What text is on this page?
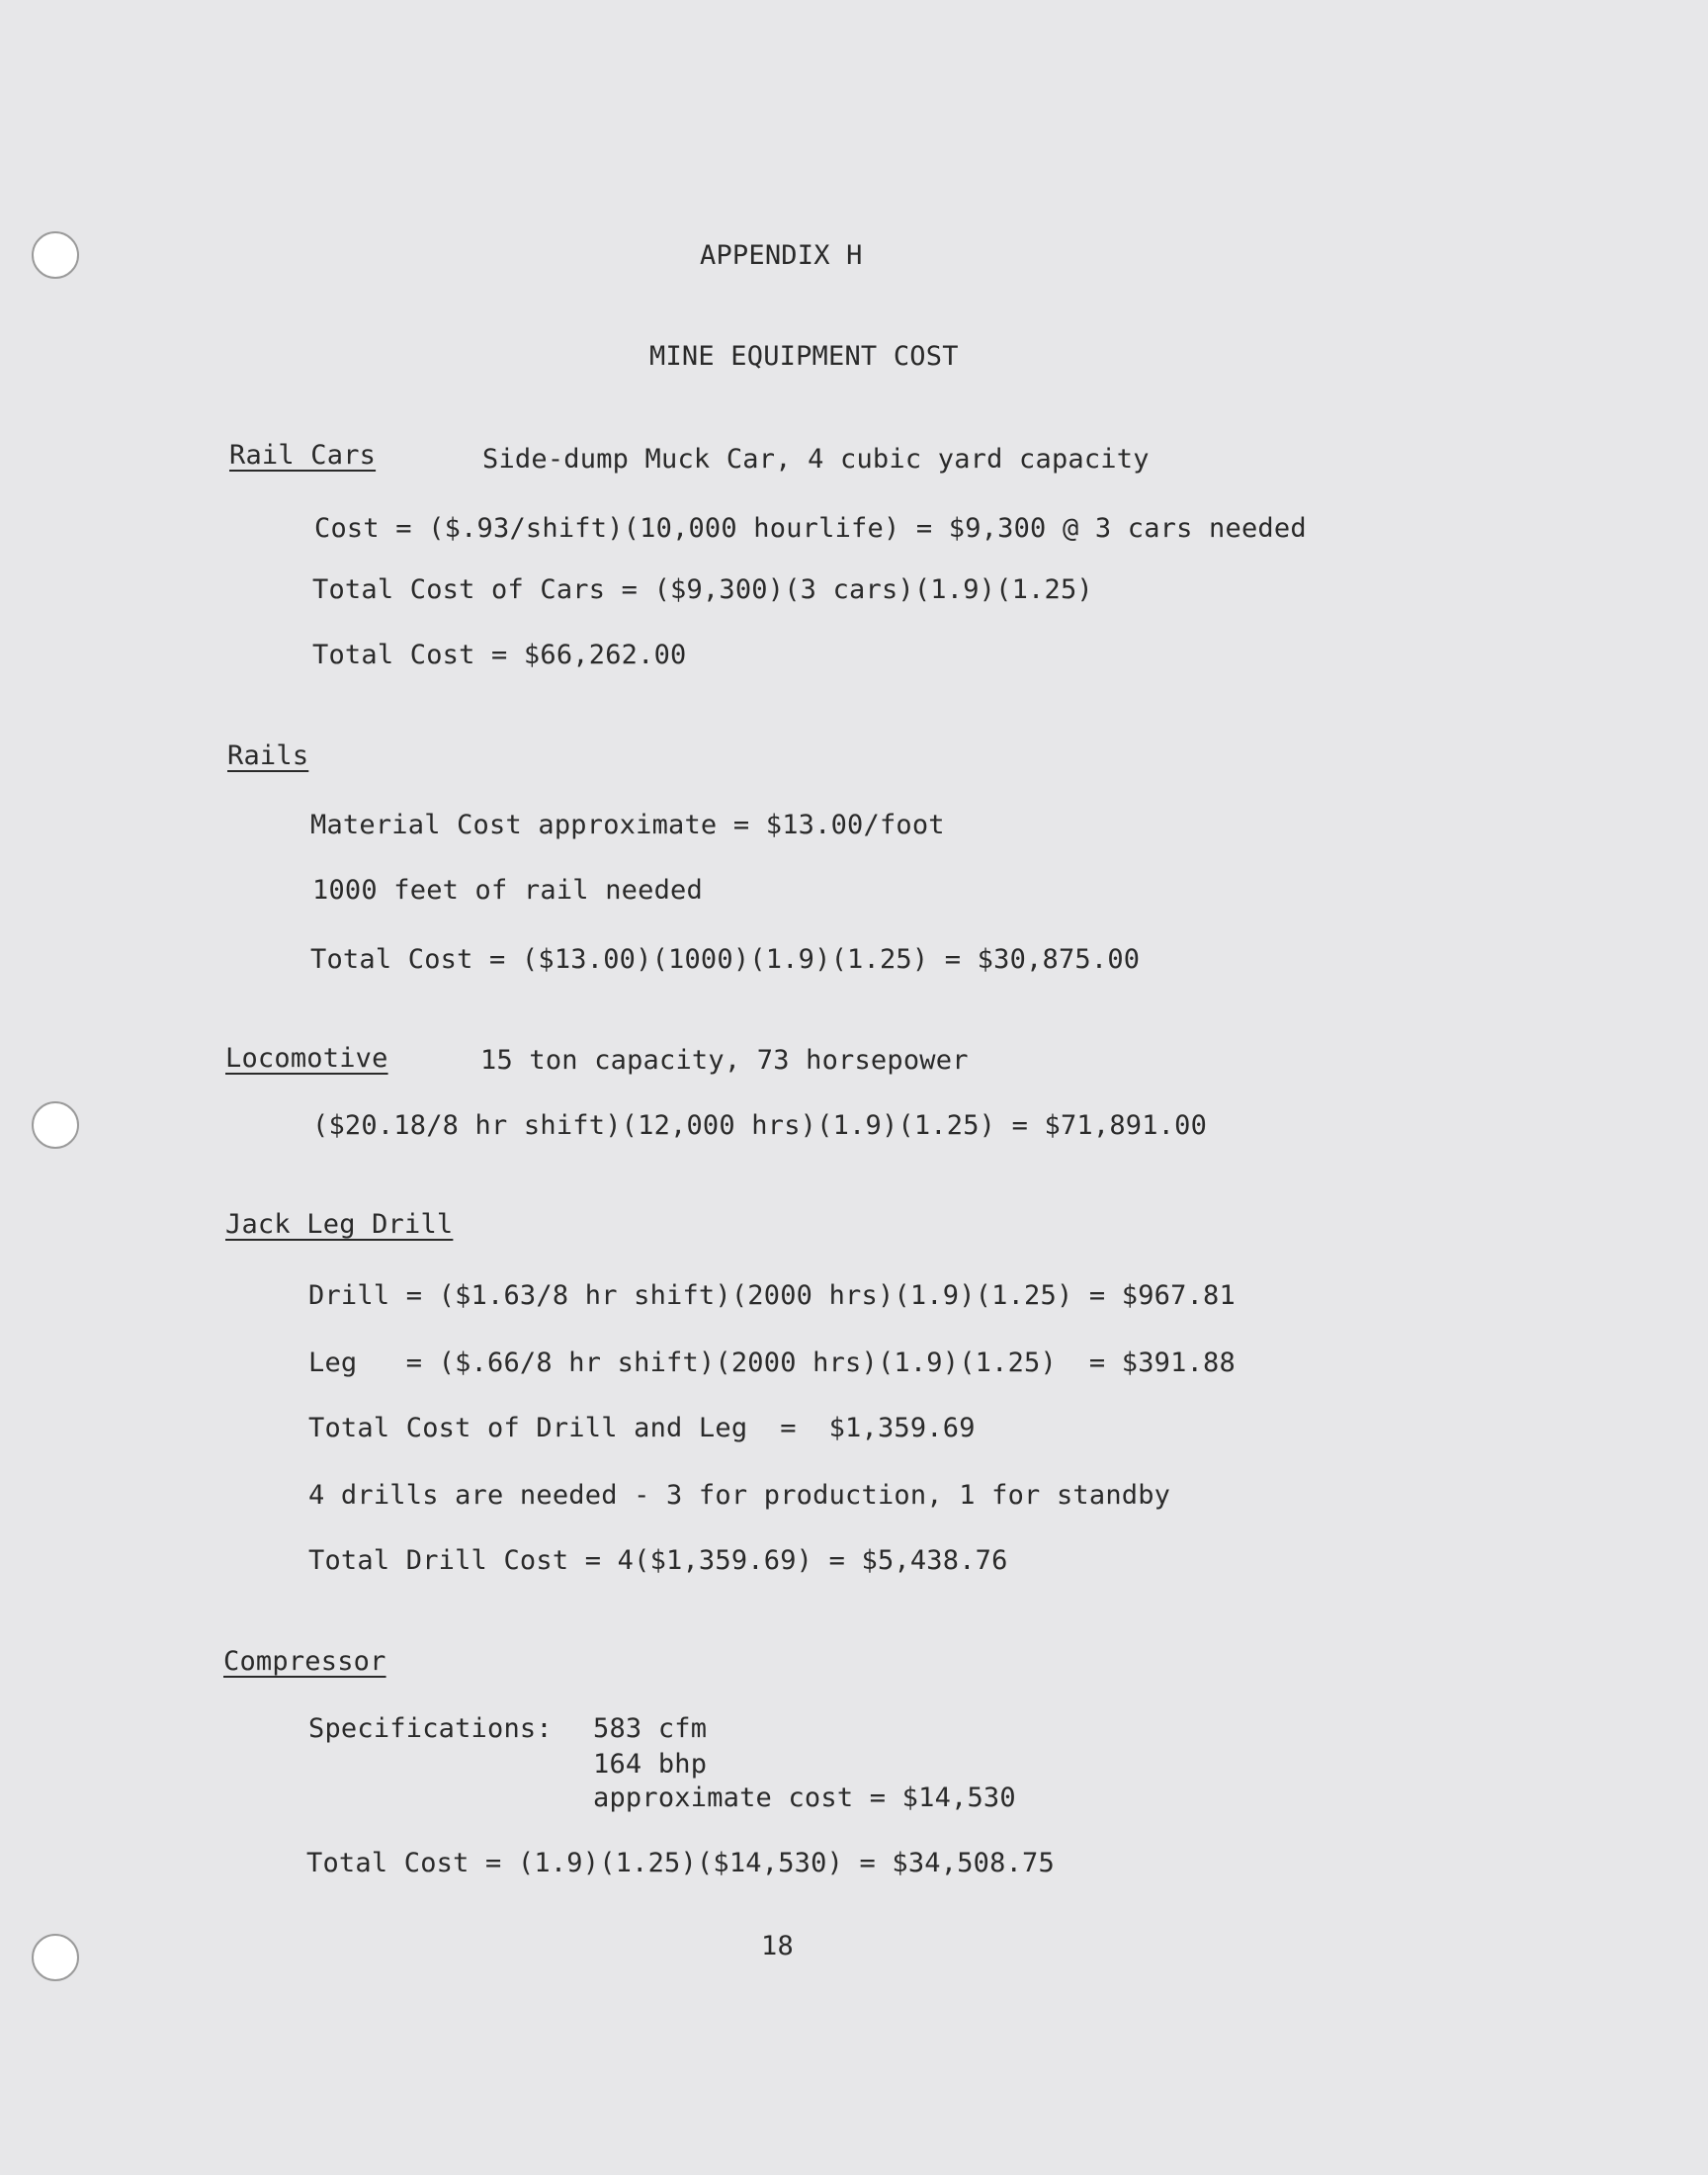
APPENDIX H
MINE EQUIPMENT COST
Rail Cars	Side-dump Muck Car, 4 cubic yard capacity
Cost = ($.93/shift)(10,000 hourlife) = $9,300 @ 3 cars needed
Total Cost of Cars = ($9,300)(3 cars)(1.9)(1.25)
Total Cost = $66,262.00
Rails
Material Cost approximate = $13.00/foot
1000 feet of rail needed
Total Cost = ($13.00)(1000)(1.9)(1.25) = $30,875.00
Locomotive	15 ton capacity, 73 horsepower
($20.18/8 hr shift)(12,000 hrs)(1.9)(1.25) = $71,891.00
Jack Leg Drill
Drill = ($1.63/8 hr shift)(2000 hrs)(1.9)(1.25) = $967.81
Leg   = ($.66/8 hr shift)(2000 hrs)(1.9)(1.25)  = $391.88
Total Cost of Drill and Leg  =  $1,359.69
4 drills are needed - 3 for production, 1 for standby
Total Drill Cost = 4($1,359.69) = $5,438.76
Compressor
Specifications: 583 cfm
164 bhp
approximate cost = $14,530
Total Cost = (1.9)(1.25)($14,530) = $34,508.75
18
